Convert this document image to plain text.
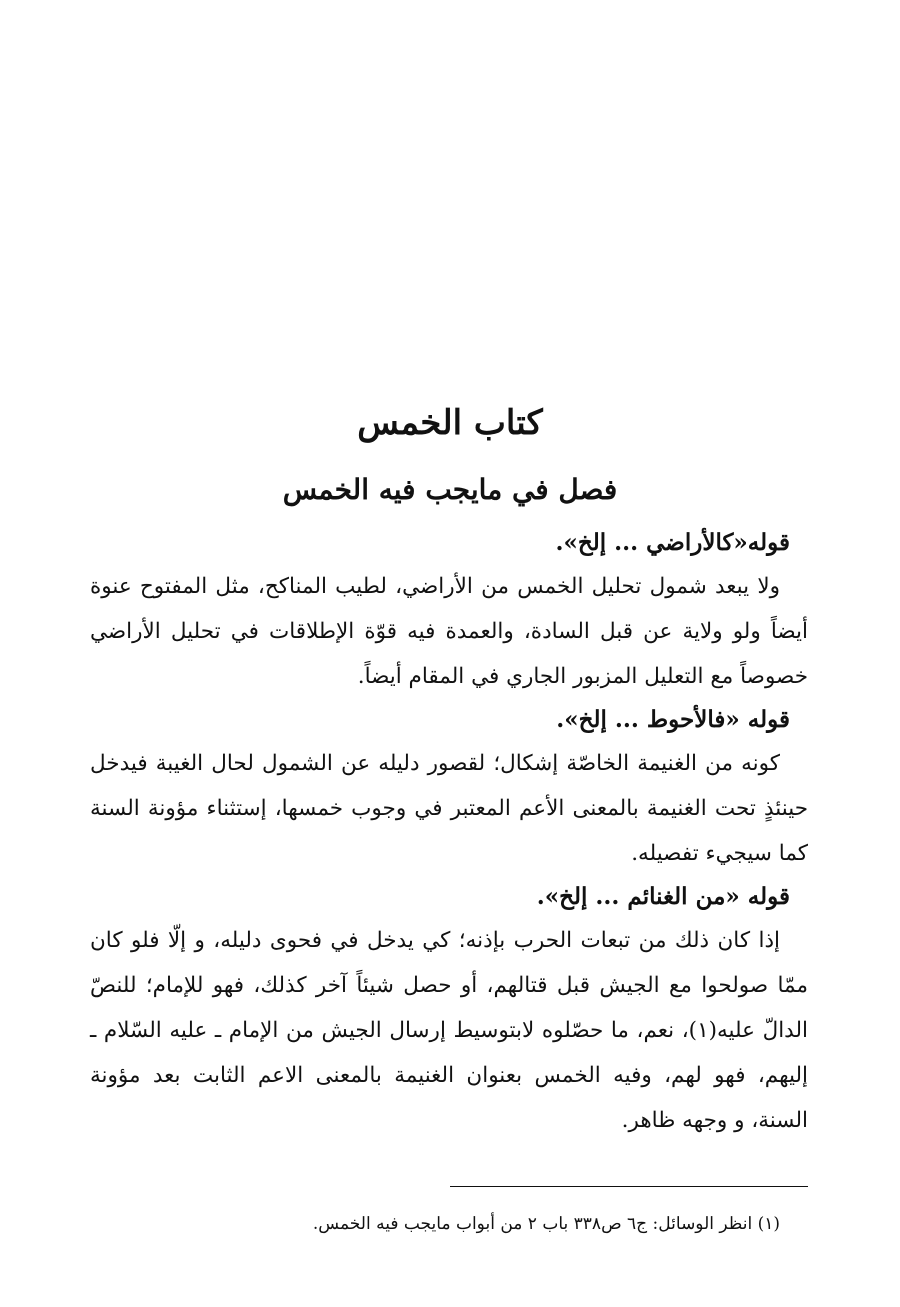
كتاب الخمس
فصل في مايجب فيه الخمس

قوله«كالأراضي ... إلخ».

ولا يبعد شمول تحليل الخمس من الأراضي، لطيب المناكح، مثل المفتوح عنوة أيضاً ولو ولاية عن قبل السادة، والعمدة فيه قوّة الإطلاقات في تحليل الأراضي خصوصاً مع التعليل المزبور الجاري في المقام أيضاً.

قوله «فالأحوط ... إلخ».

كونه من الغنيمة الخاصّة إشكال؛ لقصور دليله عن الشمول لحال الغيبة فيدخل حينئذٍ تحت الغنيمة بالمعنى الأعم المعتبر في وجوب خمسها، إستثناء مؤونة السنة كما سيجيء تفصيله.

قوله «من الغنائم ... إلخ».

إذا كان ذلك من تبعات الحرب بإذنه؛ كي يدخل في فحوى دليله، و إلّا فلو كان ممّا صولحوا مع الجيش قبل قتالهم، أو حصل شيئاً آخر كذلك، فهو للإمام؛ للنصّ الدالّ عليه(١)، نعم، ما حصّلوه لابتوسيط إرسال الجيش من الإمام ـ عليه السّلام ـ إليهم، فهو لهم، وفيه الخمس بعنوان الغنيمة بالمعنى الاعم الثابت بعد مؤونة السنة، و وجهه ظاهر.

(١) انظر الوسائل: ج٦ ص٣٣٨ باب ٢ من أبواب مايجب فيه الخمس.
